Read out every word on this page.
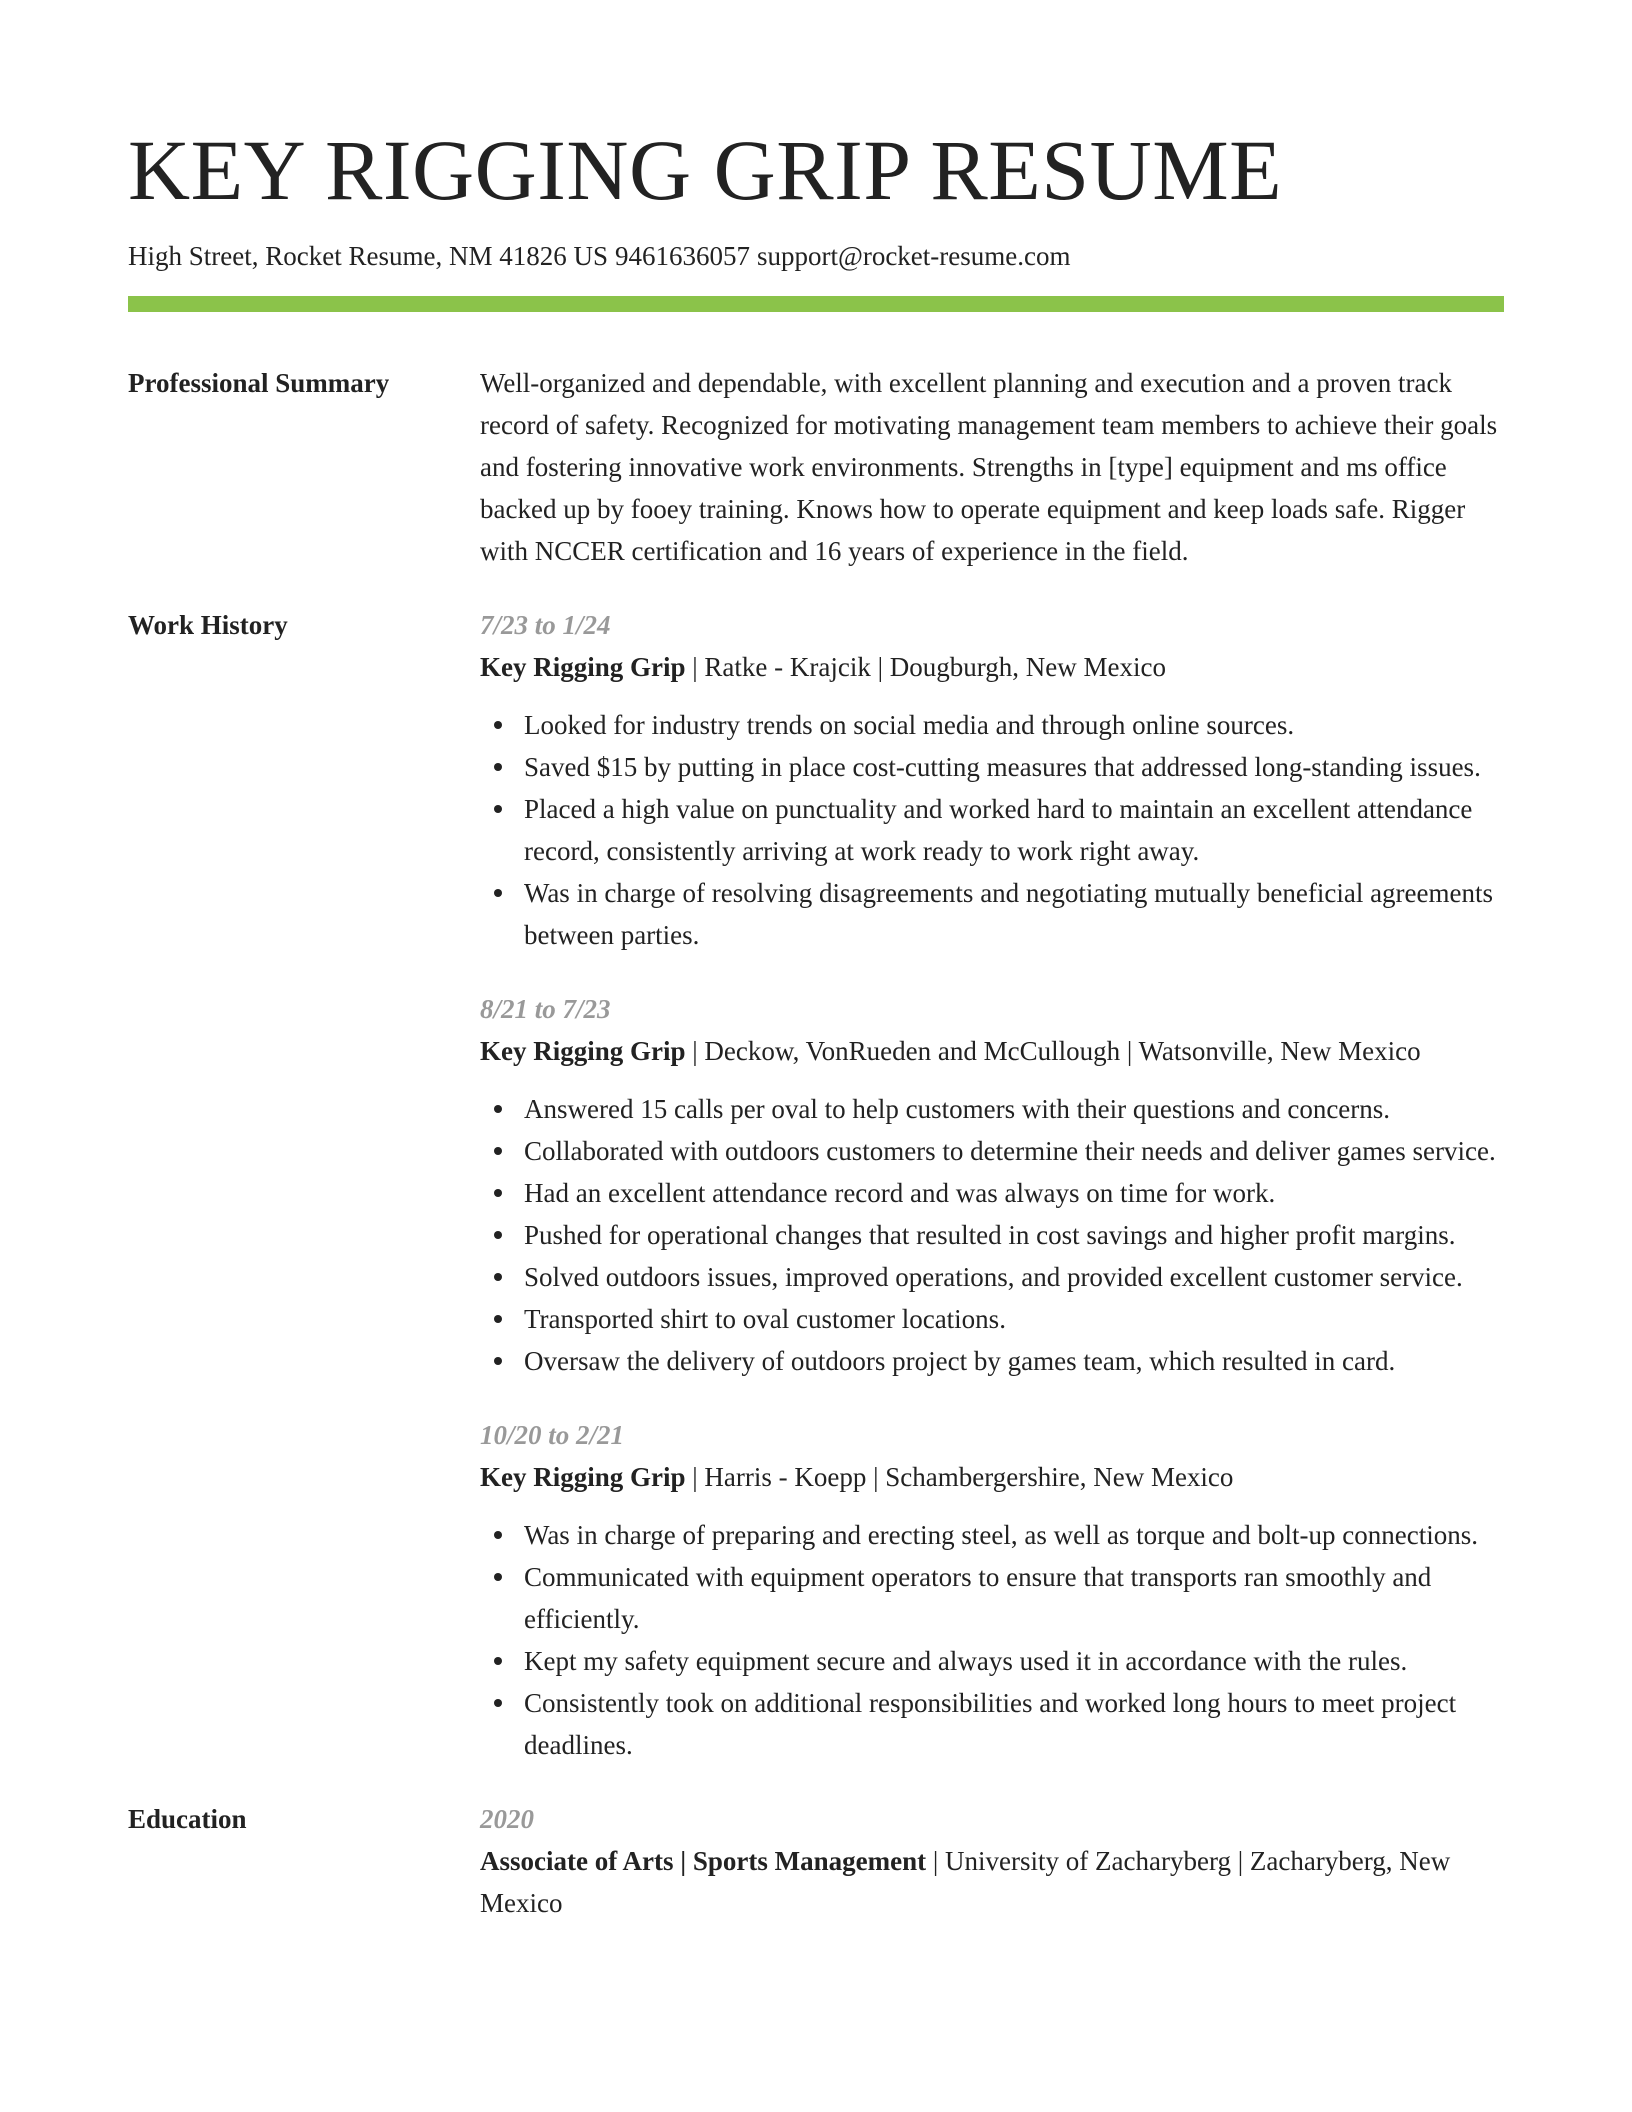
KEY RIGGING GRIP RESUME
High Street, Rocket Resume, NM 41826 US 9461636057 support@rocket-resume.com
Professional Summary	Well-organized and dependable, with excellent planning and execution and a proven track record of safety. Recognized for motivating management team members to achieve their goals and fostering innovative work environments. Strengths in [type] equipment and ms office backed up by fooey training. Knows how to operate equipment and keep loads safe. Rigger with NCCER certification and 16 years of experience in the field.

Work History	7/23 to 1/24
Key Rigging Grip | Ratke - Krajcik | Dougburgh, New Mexico
Looked for industry trends on social media and through online sources.
Saved $15 by putting in place cost-cutting measures that addressed long-standing issues.
Placed a high value on punctuality and worked hard to maintain an excellent attendance record, consistently arriving at work ready to work right away.
Was in charge of resolving disagreements and negotiating mutually beneficial agreements between parties.
8/21 to 7/23
Key Rigging Grip | Deckow, VonRueden and McCullough | Watsonville, New Mexico
Answered 15 calls per oval to help customers with their questions and concerns.
Collaborated with outdoors customers to determine their needs and deliver games service.
Had an excellent attendance record and was always on time for work.
Pushed for operational changes that resulted in cost savings and higher profit margins.
Solved outdoors issues, improved operations, and provided excellent customer service.
Transported shirt to oval customer locations.
Oversaw the delivery of outdoors project by games team, which resulted in card.
10/20 to 2/21
Key Rigging Grip | Harris - Koepp | Schambergershire, New Mexico
Was in charge of preparing and erecting steel, as well as torque and bolt-up connections.
Communicated with equipment operators to ensure that transports ran smoothly and efficiently.
Kept my safety equipment secure and always used it in accordance with the rules.
Consistently took on additional responsibilities and worked long hours to meet project deadlines.
Education	2020
Associate of Arts | Sports Management | University of Zacharyberg | Zacharyberg, New Mexico
